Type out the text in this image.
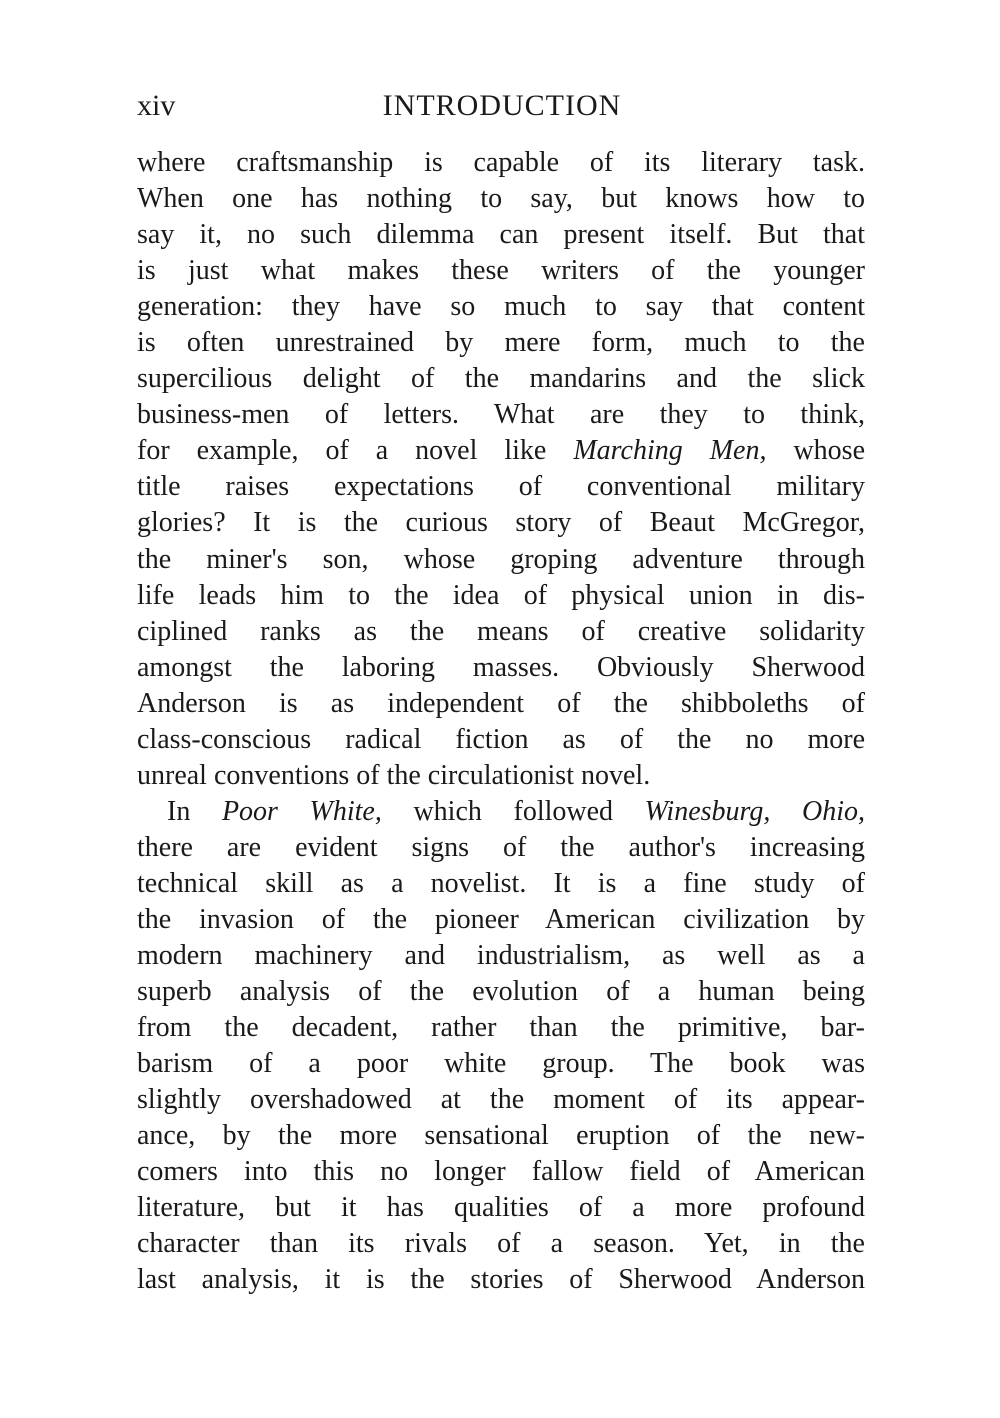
xiv	INTRODUCTION
where craftsmanship is capable of its literary task.
When one has nothing to say, but knows how to
say it, no such dilemma can present itself. But that
is just what makes these writers of the younger
generation: they have so much to say that content
is often unrestrained by mere form, much to the
supercilious delight of the mandarins and the slick
business-men of letters. What are they to think,
for example, of a novel like Marching Men, whose
title raises expectations of conventional military
glories? It is the curious story of Beaut McGregor,
the miner's son, whose groping adventure through
life leads him to the idea of physical union in dis-
ciplined ranks as the means of creative solidarity
amongst the laboring masses. Obviously Sherwood
Anderson is as independent of the shibboleths of
class-conscious radical fiction as of the no more
unreal conventions of the circulationist novel.
In Poor White, which followed Winesburg, Ohio,
there are evident signs of the author's increasing
technical skill as a novelist. It is a fine study of
the invasion of the pioneer American civilization by
modern machinery and industrialism, as well as a
superb analysis of the evolution of a human being
from the decadent, rather than the primitive, bar-
barism of a poor white group. The book was
slightly overshadowed at the moment of its appear-
ance, by the more sensational eruption of the new-
comers into this no longer fallow field of American
literature, but it has qualities of a more profound
character than its rivals of a season. Yet, in the
last analysis, it is the stories of Sherwood Anderson
